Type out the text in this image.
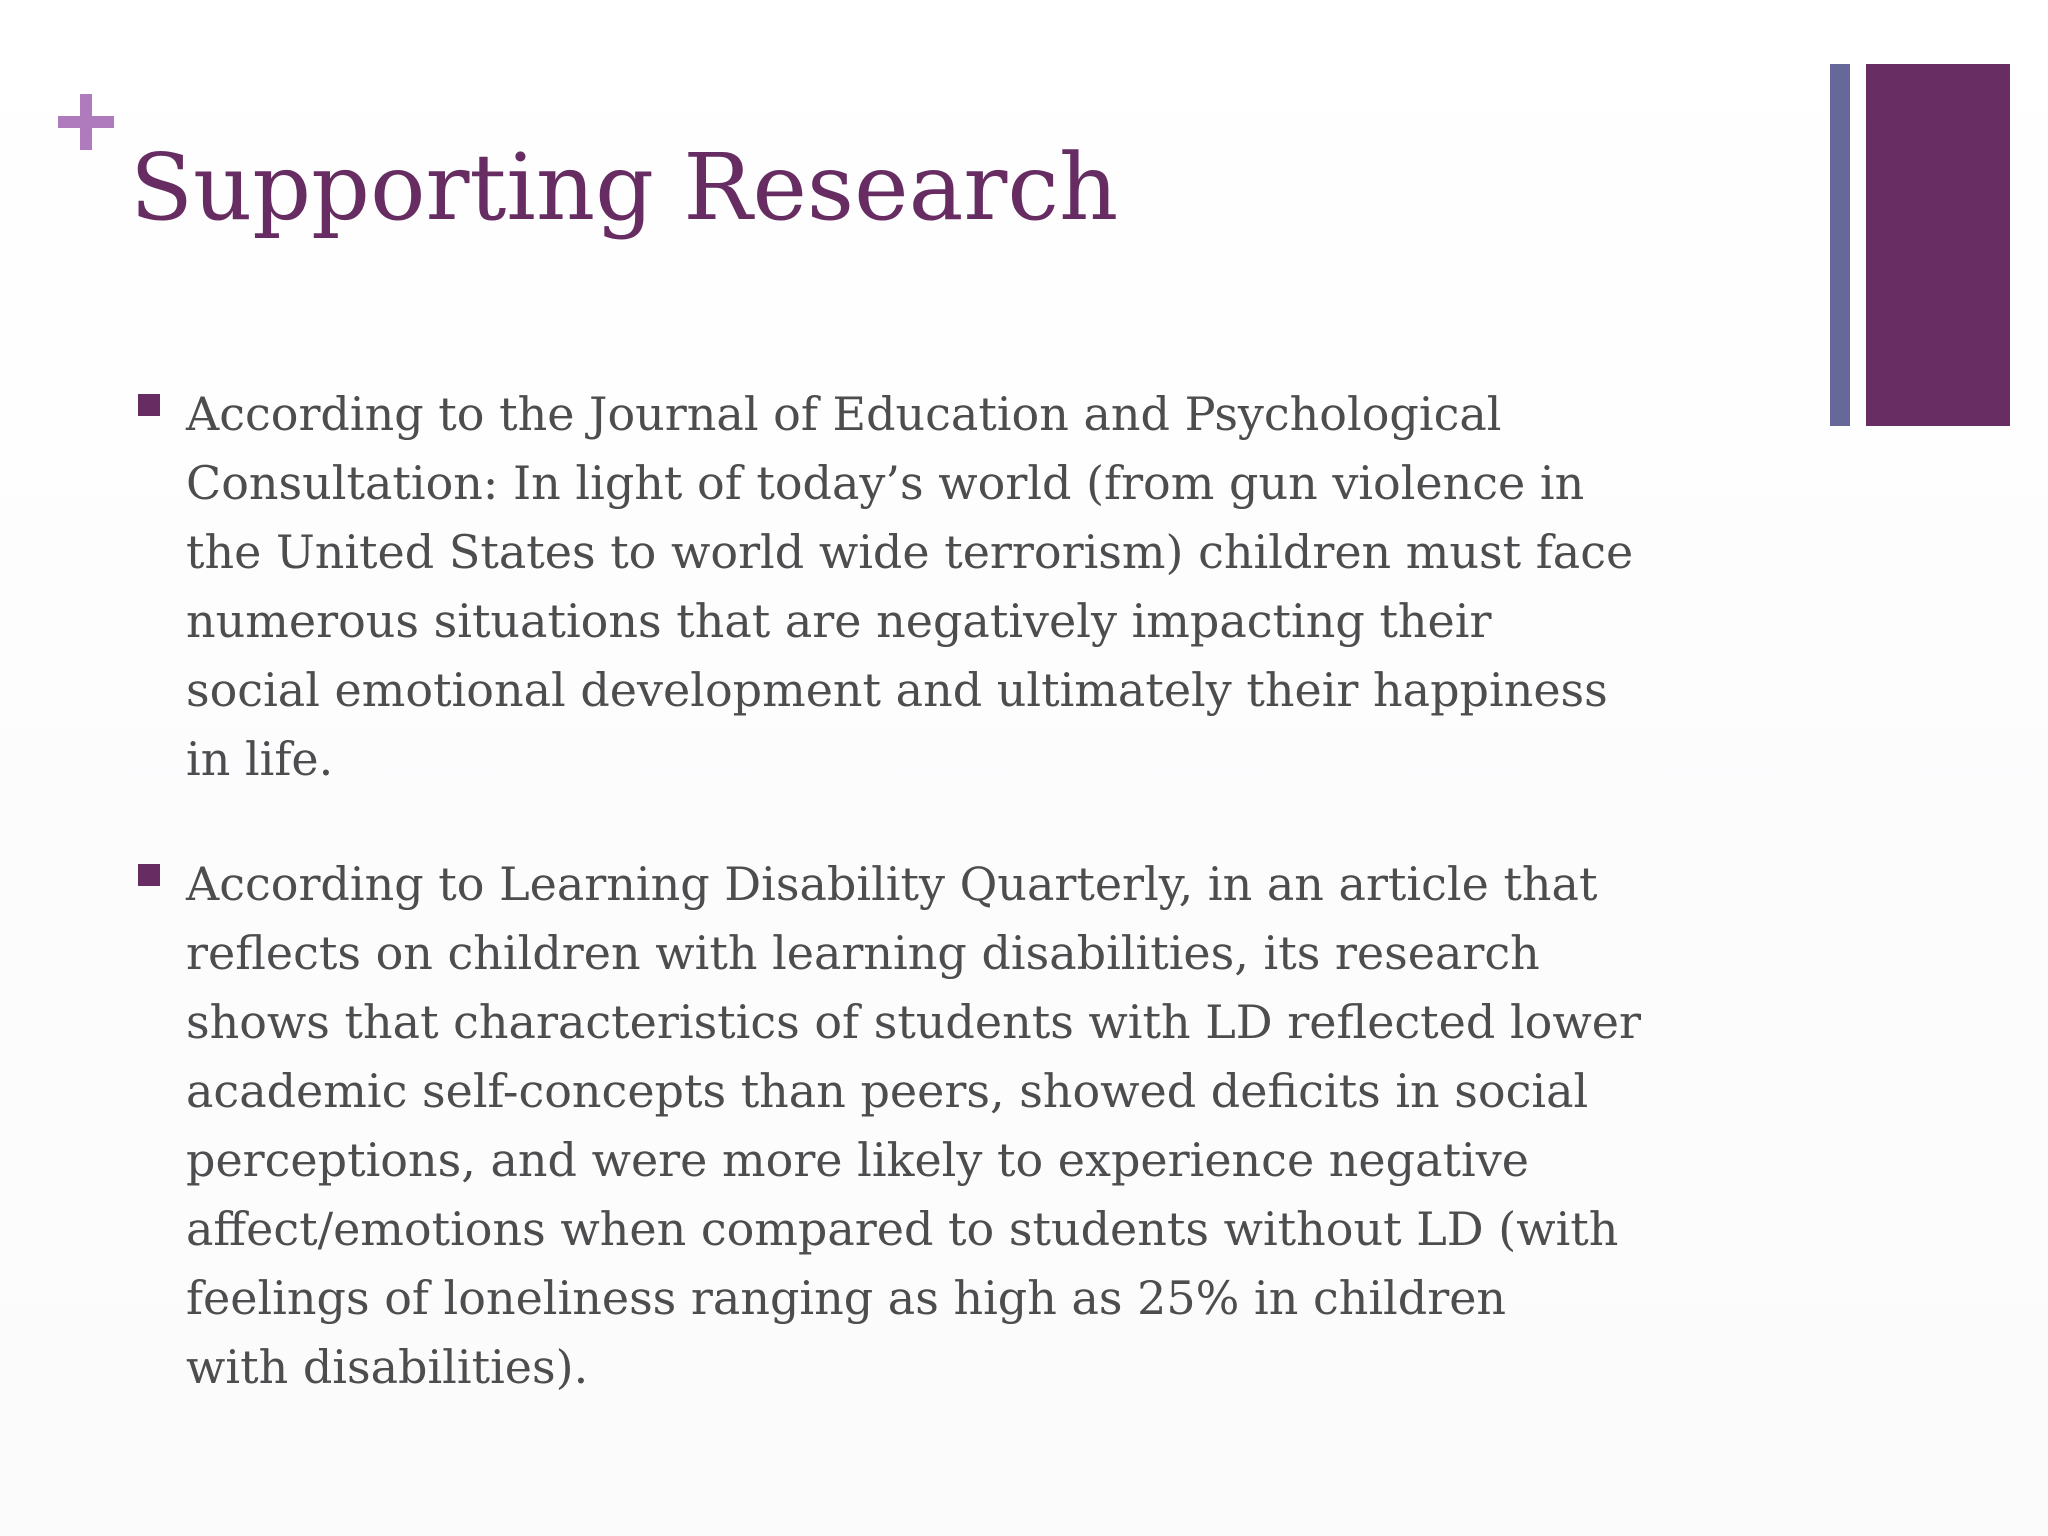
Supporting Research
According to the Journal of Education and Psychological
Consultation: In light of today’s world (from gun violence in
the United States to world wide terrorism) children must face
numerous situations that are negatively impacting their
social emotional development and ultimately their happiness
in life.
According to Learning Disability Quarterly, in an article that
reflects on children with learning disabilities, its research
shows that characteristics of students with LD reflected lower
academic self-concepts than peers, showed deficits in social
perceptions, and were more likely to experience negative
affect/emotions when compared to students without LD (with
feelings of loneliness ranging as high as 25% in children
with disabilities).
